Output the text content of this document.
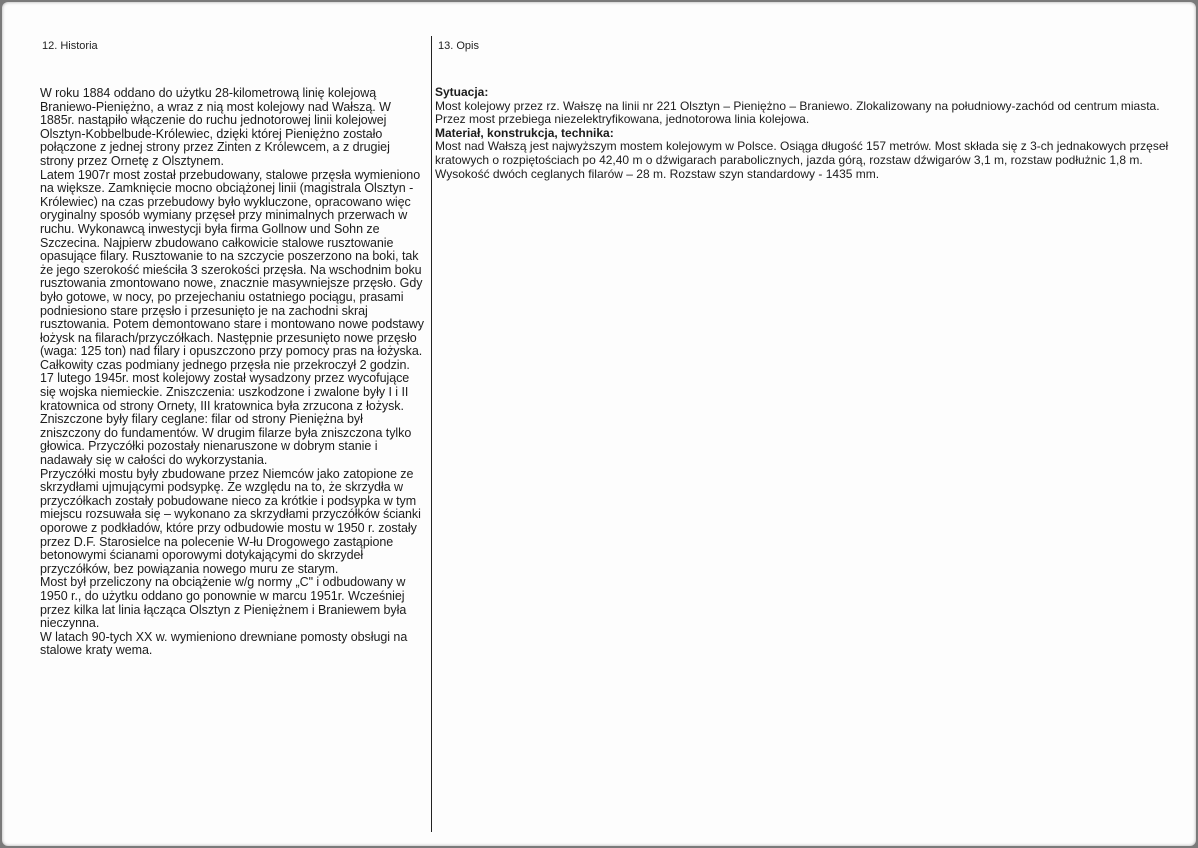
12. Historia	13. Opis

W roku 1884 oddano do użytku 28-kilometrową linię kolejową Braniewo-Pieniężno, a wraz z nią most kolejowy nad Wałszą. W 1885r. nastąpiło włączenie do ruchu jednotorowej linii kolejowej Olsztyn-Kobbelbude-Królewiec, dzięki której Pieniężno zostało połączone z jednej strony przez Zinten z Królewcem, a z drugiej strony przez Ornetę z Olsztynem.

Latem 1907r most został przebudowany, stalowe przęsła wymieniono na większe. Zamknięcie mocno obciążonej linii (magistrala Olsztyn - Królewiec) na czas przebudowy było wykluczone, opracowano więc oryginalny sposób wymiany przęseł przy minimalnych przerwach w ruchu. Wykonawcą inwestycji była firma Gollnow und Sohn ze Szczecina. Najpierw zbudowano całkowicie stalowe rusztowanie opasujące filary. Rusztowanie to na szczycie poszerzono na boki, tak że jego szerokość mieściła 3 szerokości przęsła. Na wschodnim boku rusztowania zmontowano nowe, znacznie masywniejsze przęsło. Gdy było gotowe, w nocy, po przejechaniu ostatniego pociągu, prasami podniesiono stare przęsło i przesunięto je na zachodni skraj rusztowania. Potem demontowano stare i montowano nowe podstawy łożysk na filarach/przyczółkach. Następnie przesunięto nowe przęsło (waga: 125 ton) nad filary i opuszczono przy pomocy pras na łożyska. Całkowity czas podmiany jednego przęsła nie przekroczył 2 godzin.

17 lutego 1945r. most kolejowy został wysadzony przez wycofujące się wojska niemieckie. Zniszczenia: uszkodzone i zwalone były I i II kratownica od strony Ornety, III kratownica była zrzucona z łożysk. Zniszczone były filary ceglane: filar od strony Pieniężna był zniszczony do fundamentów. W drugim filarze była zniszczona tylko głowica. Przyczółki pozostały nienaruszone w dobrym stanie i nadawały się w całości do wykorzystania.

Przyczółki mostu były zbudowane przez Niemców jako zatopione ze skrzydłami ujmującymi podsypkę. Ze względu na to, że skrzydła w przyczółkach zostały pobudowane nieco za krótkie i podsypka w tym miejscu rozsuwała się – wykonano za skrzydłami przyczółków ścianki oporowe z podkładów, które przy odbudowie mostu w 1950 r. zostały przez D.F. Starosielce na polecenie W-łu Drogowego zastąpione betonowymi ścianami oporowymi dotykającymi do skrzydeł przyczółków, bez powiązania nowego muru ze starym.

Most był przeliczony na obciążenie w/g normy „C" i odbudowany w 1950 r., do użytku oddano go ponownie w marcu 1951r. Wcześniej przez kilka lat linia łącząca Olsztyn z Pieniężnem i Braniewem była nieczynna.

W latach 90-tych XX w. wymieniono drewniane pomosty obsługi na stalowe kraty wema.

Sytuacja:

Most kolejowy przez rz. Wałszę na linii nr 221 Olsztyn – Pieniężno – Braniewo. Zlokalizowany na południowy-zachód od centrum miasta.

Przez most przebiega niezelektryfikowana, jednotorowa linia kolejowa.

Materiał, konstrukcja, technika:

Most nad Wałszą jest najwyższym mostem kolejowym w Polsce. Osiąga długość 157 metrów. Most składa się z 3-ch jednakowych przęseł kratowych o rozpiętościach po 42,40 m o dźwigarach parabolicznych, jazda górą, rozstaw dźwigarów 3,1 m, rozstaw podłużnic 1,8 m. Wysokość dwóch ceglanych filarów – 28 m. Rozstaw szyn standardowy - 1435 mm.
